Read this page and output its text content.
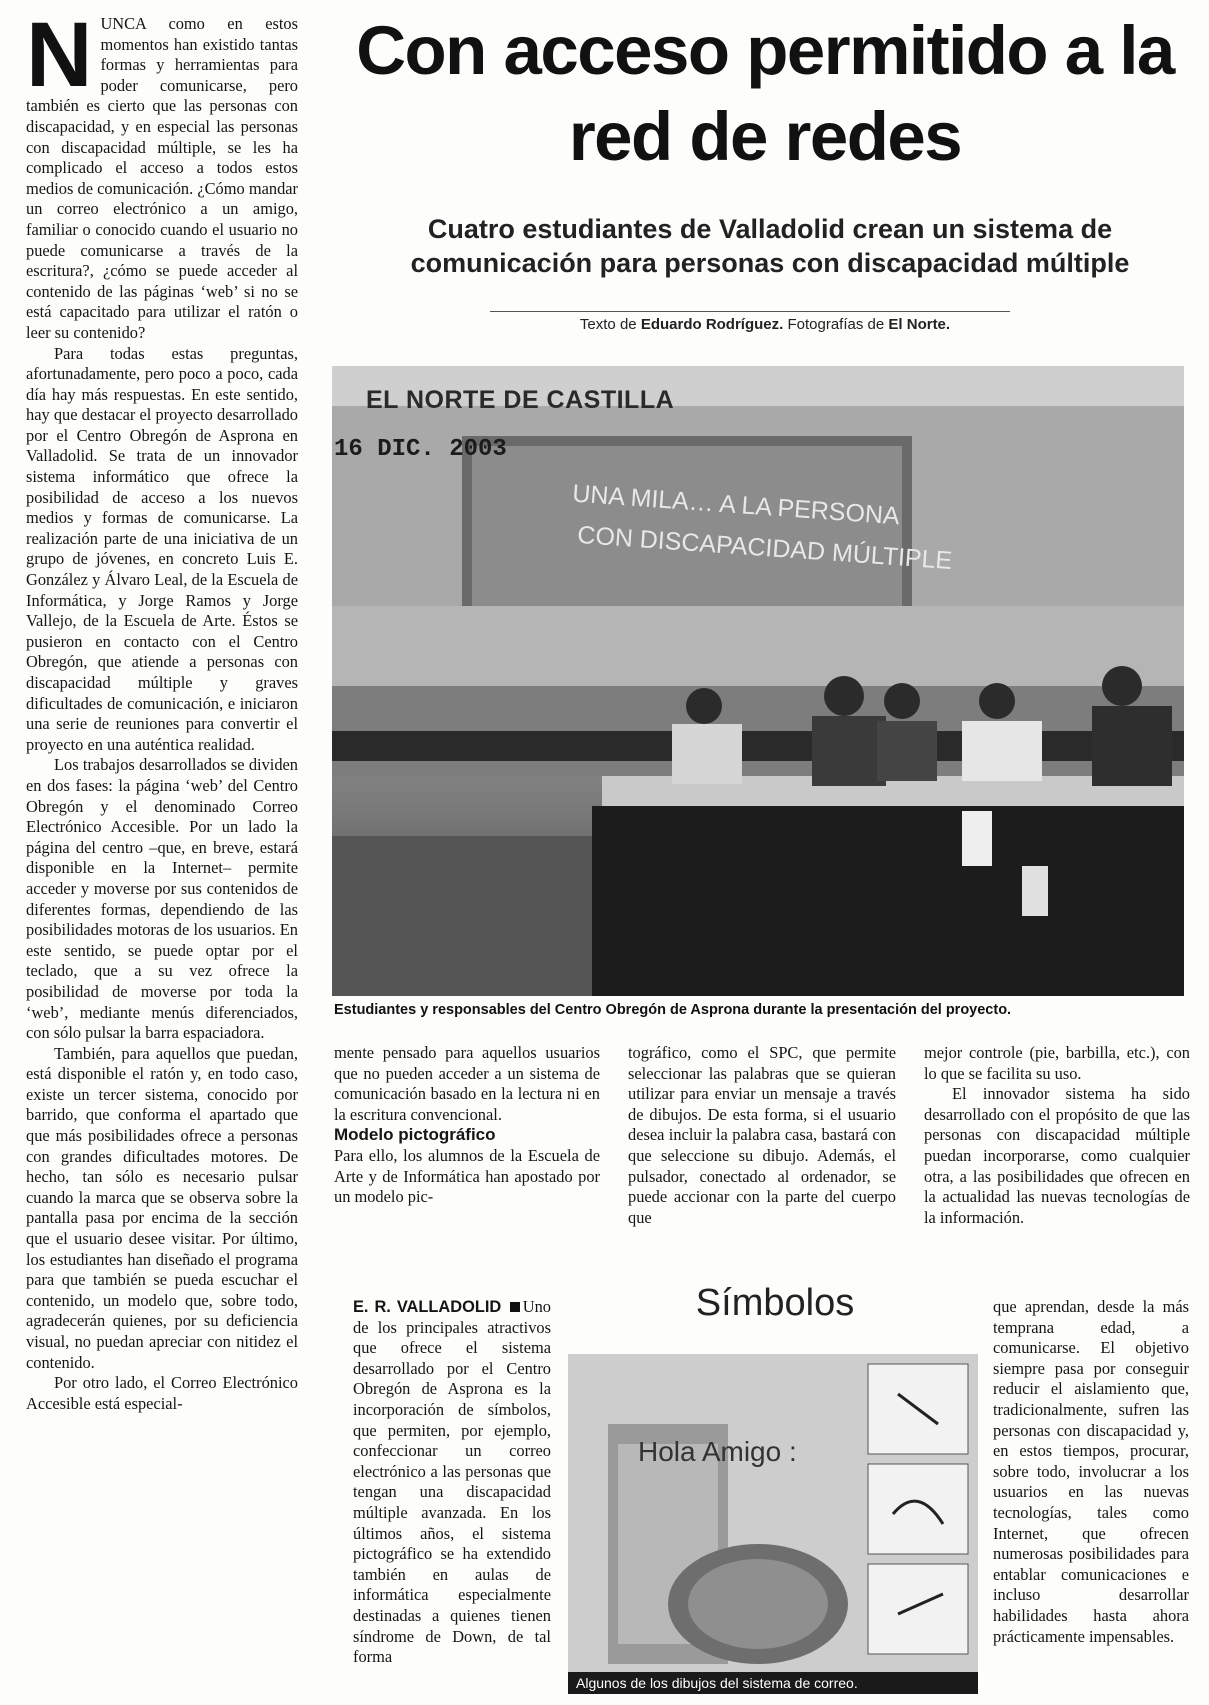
N UNCA como en estos momentos han existido tantas formas y herramientas para poder comunicarse, pero también es cierto que las personas con discapacidad, y en especial las personas con discapacidad múltiple, se les ha complicado el acceso a todos estos medios de comunicación. ¿Cómo mandar un correo electrónico a un amigo, familiar o conocido cuando el usuario no puede comunicarse a través de la escritura?, ¿cómo se puede acceder al contenido de las páginas ‘web’ si no se está capacitado para utilizar el ratón o leer su contenido?

Para todas estas preguntas, afortunadamente, pero poco a poco, cada día hay más respuestas. En este sentido, hay que destacar el proyecto desarrollado por el Centro Obregón de Asprona en Valladolid. Se trata de un innovador sistema informático que ofrece la posibilidad de acceso a los nuevos medios y formas de comunicarse. La realización parte de una iniciativa de un grupo de jóvenes, en concreto Luis E. González y Álvaro Leal, de la Escuela de Informática, y Jorge Ramos y Jorge Vallejo, de la Escuela de Arte. Éstos se pusieron en contacto con el Centro Obregón, que atiende a personas con discapacidad múltiple y graves dificultades de comunicación, e iniciaron una serie de reuniones para convertir el proyecto en una auténtica realidad.

Los trabajos desarrollados se dividen en dos fases: la página ‘web’ del Centro Obregón y el denominado Correo Electrónico Accesible. Por un lado la página del centro –que, en breve, estará disponible en la Internet– permite acceder y moverse por sus contenidos de diferentes formas, dependiendo de las posibilidades motoras de los usuarios. En este sentido, se puede optar por el teclado, que a su vez ofrece la posibilidad de moverse por toda la ‘web’, mediante menús diferenciados, con sólo pulsar la barra espaciadora.

También, para aquellos que puedan, está disponible el ratón y, en todo caso, existe un tercer sistema, conocido por barrido, que conforma el apartado que que más posibilidades ofrece a personas con grandes dificultades motores. De hecho, tan sólo es necesario pulsar cuando la marca que se observa sobre la pantalla pasa por encima de la sección que el usuario desee visitar. Por último, los estudiantes han diseñado el programa para que también se pueda escuchar el contenido, un modelo que, sobre todo, agradecerán quienes, por su deficiencia visual, no puedan apreciar con nitidez el contenido.

Por otro lado, el Correo Electrónico Accesible está especial-

Con acceso permitido a la red de redes
Cuatro estudiantes de Valladolid crean un sistema de comunicación para personas con discapacidad múltiple
Texto de Eduardo Rodríguez. Fotografías de El Norte.
EL NORTE DE CASTILLA
16 DIC. 2003
UNA MILA… A LA PERSONA
CON DISCAPACIDAD MÚLTIPLE
Estudiantes y responsables del Centro Obregón de Asprona durante la presentación del proyecto.

mente pensado para aquellos usuarios que no pueden acceder a un sistema de comunicación basado en la lectura ni en la escritura convencional.

Modelo pictográfico

Para ello, los alumnos de la Escuela de Arte y de Informática han apostado por un modelo pic-

tográfico, como el SPC, que permite seleccionar las palabras que se quieran utilizar para enviar un mensaje a través de dibujos. De esta forma, si el usuario desea incluir la palabra casa, bastará con que seleccione su dibujo. Además, el pulsador, conectado al ordenador, se puede accionar con la parte del cuerpo que

mejor controle (pie, barbilla, etc.), con lo que se facilita su uso.

El innovador sistema ha sido desarrollado con el propósito de que las personas con discapacidad múltiple puedan incorporarse, como cualquier otra, a las posibilidades que ofrecen en la actualidad las nuevas tecnologías de la información.

E. R. VALLADOLID Uno de los principales atractivos que ofrece el sistema desarrollado por el Centro Obregón de Asprona es la incorporación de símbolos, que permiten, por ejemplo, confeccionar un correo electrónico a las personas que tengan una discapacidad múltiple avanzada. En los últimos años, el sistema pictográfico se ha extendido también en aulas de informática especialmente destinadas a quienes tienen síndrome de Down, de tal forma

Símbolos
Hola Amigo :
Algunos de los dibujos del sistema de correo.

que aprendan, desde la más temprana edad, a comunicarse. El objetivo siempre pasa por conseguir reducir el aislamiento que, tradicionalmente, sufren las personas con discapacidad y, en estos tiempos, procurar, sobre todo, involucrar a los usuarios en las nuevas tecnologías, tales como Internet, que ofrecen numerosas posibilidades para entablar comunicaciones e incluso desarrollar habilidades hasta ahora prácticamente impensables.
